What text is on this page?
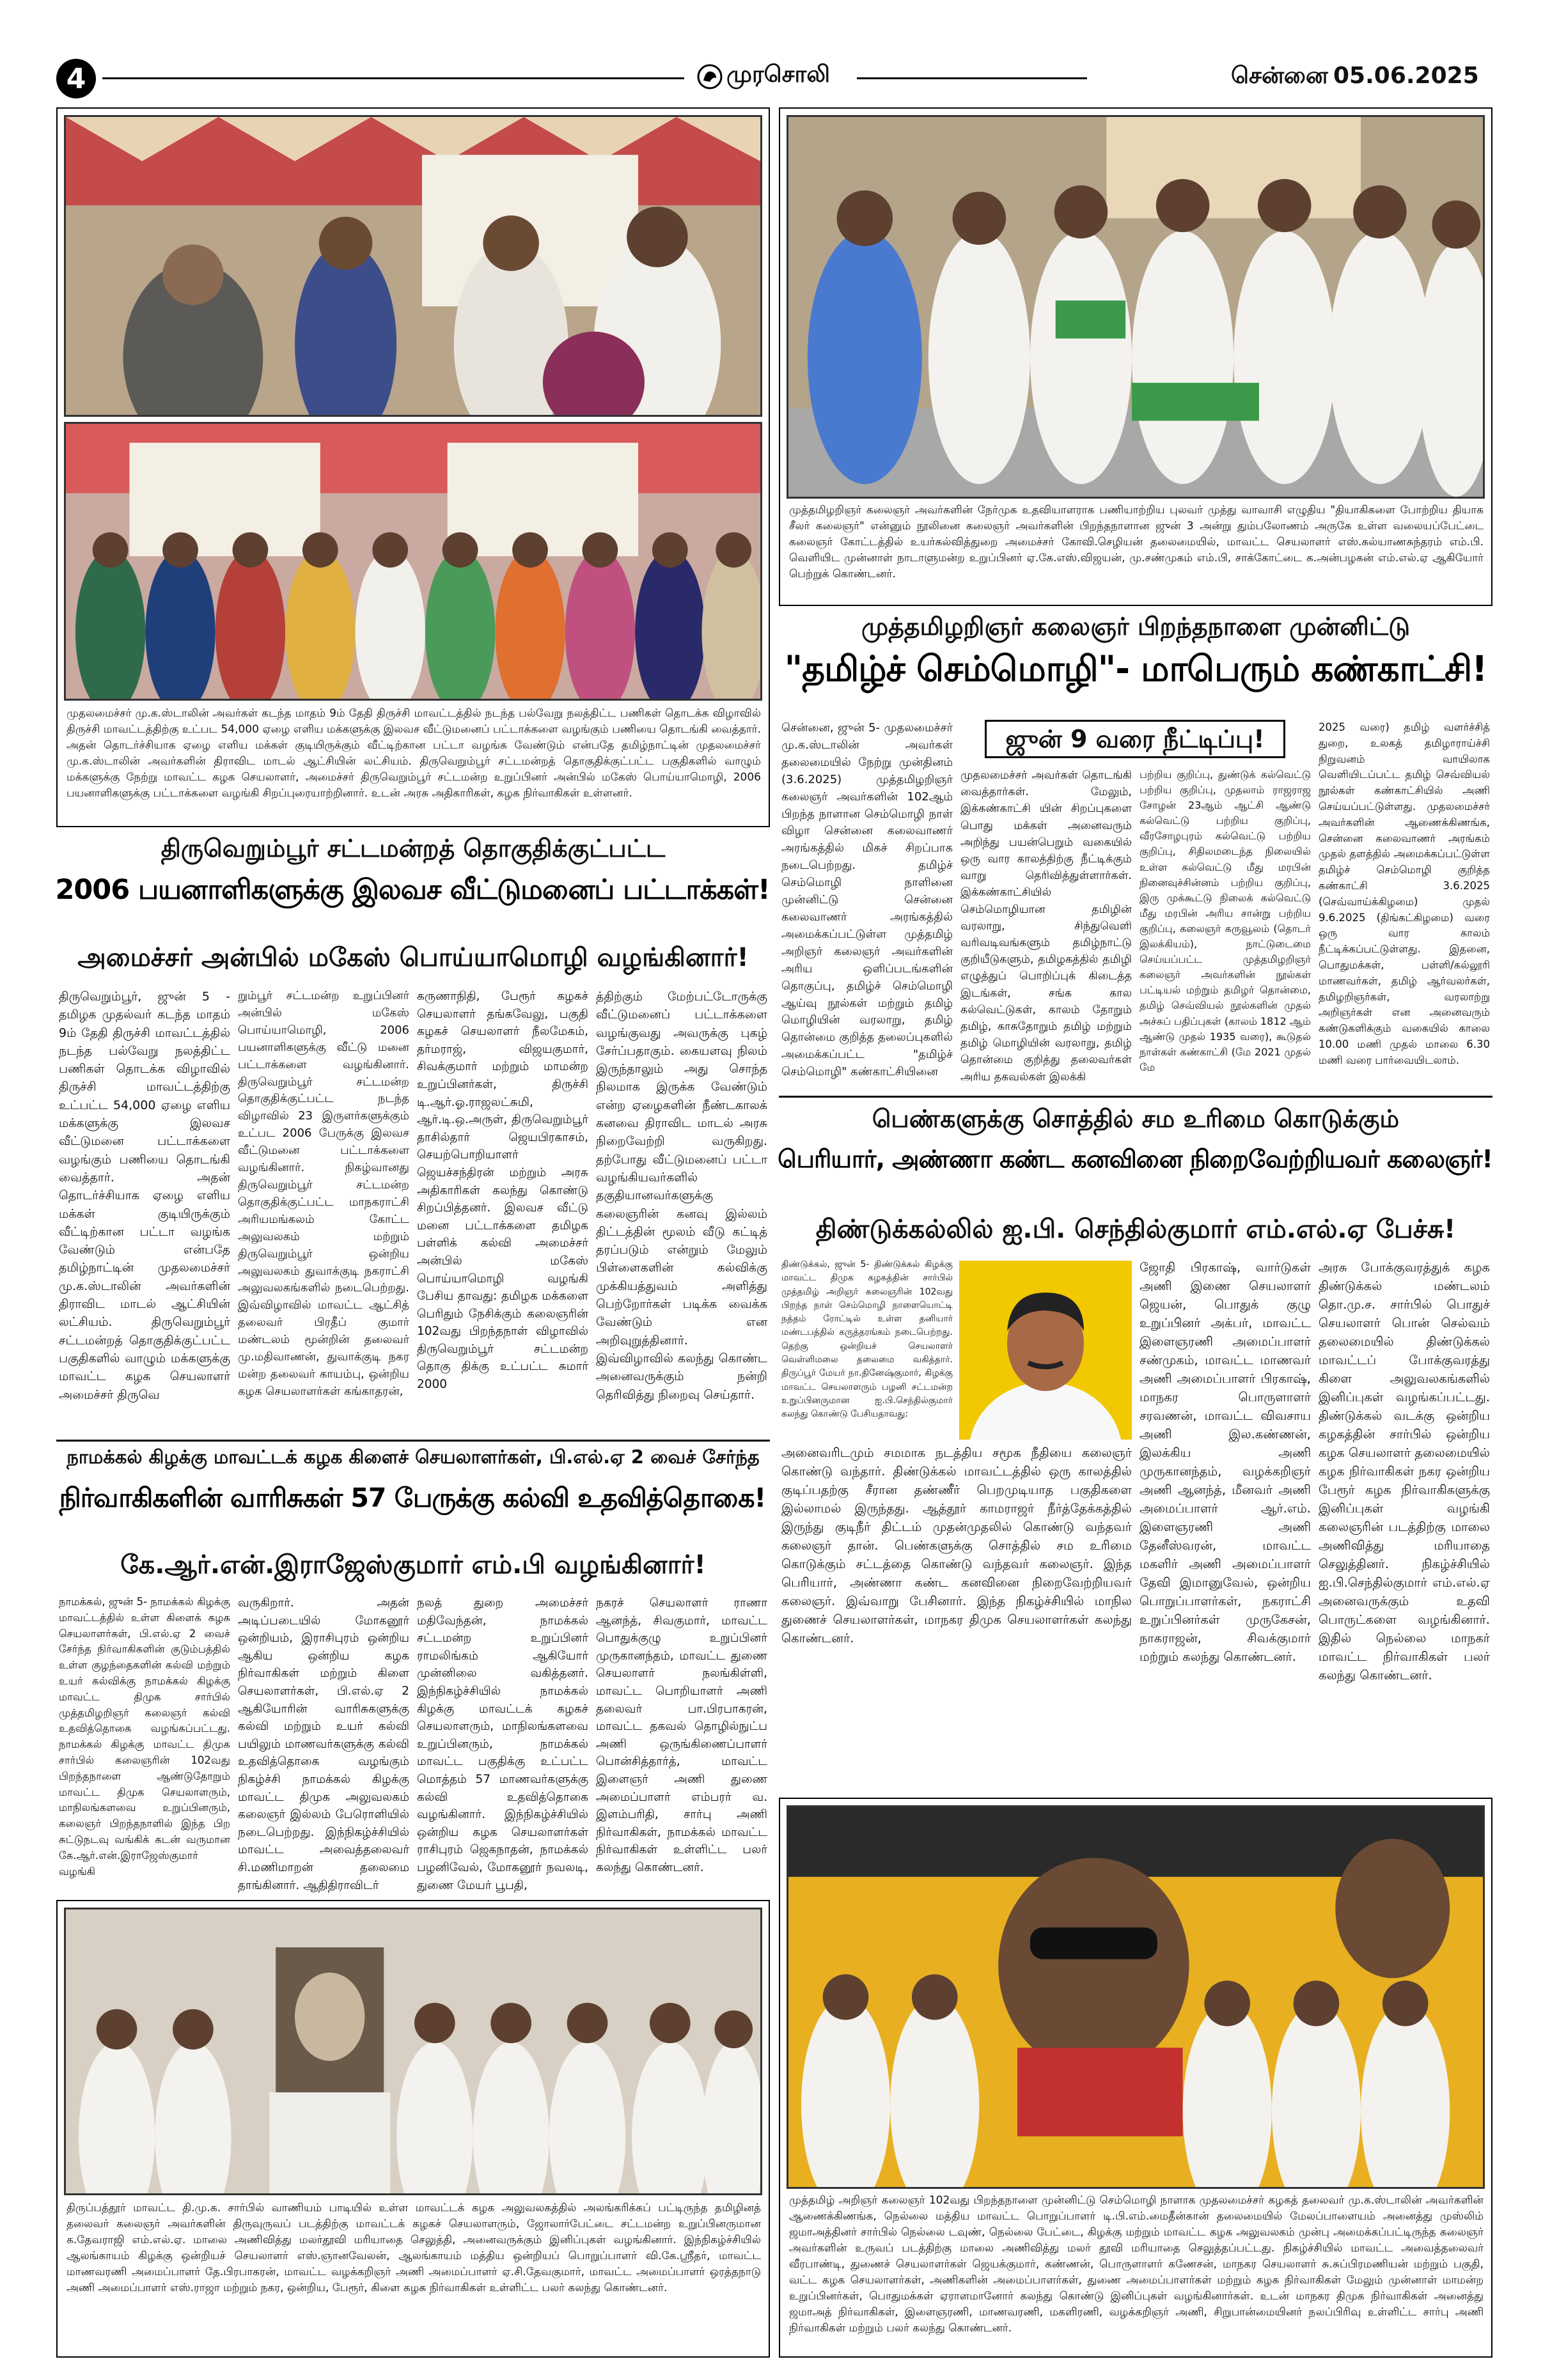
4	முரசொலி	சென்னை 05.06.2025
முதலமைச்சர் மு.க.ஸ்டாலின் அவர்கள் கடந்த மாதம் 9ம் தேதி திருச்சி மாவட்டத்தில் நடந்த பல்வேறு நலத்திட்ட பணிகள் தொடக்க விழாவில் திருச்சி மாவட்டத்திற்கு உட்பட 54,000 ஏழை எளிய மக்களுக்கு இலவச வீட்டுமனைப் பட்டாக்களை வழங்கும் பணியை தொடங்கி வைத்தார். அதன் தொடர்ச்சியாக ஏழை எளிய மக்கள் குடியிருக்கும் வீட்டிற்கான பட்டா வழங்க வேண்டும் என்பதே தமிழ்நாட்டின் முதலமைச்சர் மு.க.ஸ்டாலின் அவர்களின் திராவிட மாடல் ஆட்சியின் லட்சியம். திருவெறும்பூர் சட்டமன்றத் தொகுதிக்குட்பட்ட பகுதிகளில் வாழும் மக்களுக்கு நேற்று மாவட்ட கழக செயலாளர், அமைச்சர் திருவெறும்பூர் சட்டமன்ற உறுப்பினர் அன்பில் மகேஸ் பொய்யாமொழி, 2006 பயனாளிகளுக்கு பட்டாக்களை வழங்கி சிறப்புரையாற்றினார். உடன் அரசு அதிகாரிகள், கழக நிர்வாகிகள் உள்ளனர்.
திருவெறும்பூர் சட்டமன்றத் தொகுதிக்குட்பட்ட
2006 பயனாளிகளுக்கு இலவச வீட்டுமனைப் பட்டாக்கள்!
அமைச்சர் அன்பில் மகேஸ் பொய்யாமொழி வழங்கினார்!
திருவெறும்பூர், ஜுன் 5 - தமிழக முதல்வர் கடந்த மாதம் 9ம் தேதி திருச்சி மாவட்டத்தில் நடந்த பல்வேறு நலத்திட்ட பணிகள் தொடக்க விழாவில் திருச்சி மாவட்டத்திற்கு உட்பட்ட 54,000 ஏழை எளிய மக்களுக்கு இலவச வீட்டுமனை பட்டாக்களை வழங்கும் பணியை தொடங்கி வைத்தார். அதன் தொடர்ச்சியாக ஏழை எளிய மக்கள் குடியிருக்கும் வீட்டிற்கான பட்டா வழங்க வேண்டும் என்பதே தமிழ்நாட்டின் முதலமைச்சர் மு.க.ஸ்டாலின் அவர்களின் திராவிட மாடல் ஆட்சியின் லட்சியம். திருவெறும்பூர் சட்டமன்றத் தொகுதிக்குட்பட்ட பகுதிகளில் வாழும் மக்களுக்கு மாவட்ட கழக செயலாளர் அமைச்சர் திருவெ
றும்பூர் சட்டமன்ற உறுப்பினர் அன்பில் மகேஸ் பொய்யாமொழி, 2006 பயனாளிகளுக்கு வீட்டு மனை பட்டாக்களை வழங்கினார். திருவெறும்பூர் சட்டமன்ற தொகுதிக்குட்பட்ட நடந்த விழாவில் 23 இருளர்களுக்கும் உட்பட 2006 பேருக்கு இலவச வீட்டுமனை பட்டாக்களை வழங்கினார். நிகழ்வானது திருவெறும்பூர் சட்டமன்ற தொகுதிக்குட்பட்ட மாநகராட்சி அரியமங்கலம் கோட்ட அலுவலகம் மற்றும் திருவெறும்பூர் ஒன்றிய அலுவலகம் துவாக்குடி நகராட்சி அலுவலகங்களில் நடைபெற்றது. இவ்விழாவில் மாவட்ட ஆட்சித் தலைவர் பிரதீப் குமார் மண்டலம் மூன்றின் தலைவர் மு.மதிவாணன், துவாக்குடி நகர மன்ற தலைவர் காயம்பு, ஒன்றிய கழக செயலாளர்கள் கங்காதரன்,
கருணாநிதி, பேரூர் கழகச் செயலாளர் தங்கவேலு, பகுதி கழகச் செயலாளர் நீலமேகம், தர்மராஜ், விஜயகுமார், சிவக்குமார் மற்றும் மாமன்ற உறுப்பினர்கள், திருச்சி டி.ஆர்.ஓ.ராஜலட்சுமி, ஆர்.டி.ஒ.அருள், திருவெறும்பூர் தாசில்தார் ஜெயபிரகாசம், செயற்பொறியாளர் ஜெயச்சந்திரன் மற்றும் அரசு அதிகாரிகள் கலந்து கொண்டு சிறப்பித்தனர். இலவச வீட்டு மனை பட்டாக்களை தமிழக பள்ளிக் கல்வி அமைச்சர் அன்பில் மகேஸ் பொய்யாமொழி வழங்கி பேசிய தாவது: தமிழக மக்களை பெரிதும் நேசிக்கும் கலைஞரின் 102வது பிறந்தநாள் விழாவில் திருவெறும்பூர் சட்டமன்ற தொகு திக்கு உட்பட்ட சுமார் 2000
த்திற்கும் மேற்பட்டோருக்கு வீட்டுமனைப் பட்டாக்களை வழங்குவது அவருக்கு புகழ் சேர்ப்பதாகும். கையளவு நிலம் இருந்தாலும் அது சொந்த நிலமாக இருக்க வேண்டும் என்ற ஏழைகளின் நீண்டகாலக் கனவை திராவிட மாடல் அரசு நிறைவேற்றி வருகிறது. தற்போது வீட்டுமனைப் பட்டா வழங்கியவர்களில் தகுதியானவர்களுக்கு கலைஞரின் கனவு இல்லம் திட்டத்தின் மூலம் வீடு கட்டித் தரப்படும் என்றும் மேலும் பிள்ளைகளின் கல்விக்கு முக்கியத்துவம் அளித்து பெற்றோர்கள் படிக்க வைக்க வேண்டும் என அறிவுறுத்தினார். இவ்விழாவில் கலந்து கொண்ட அனைவருக்கும் நன்றி தெரிவித்து நிறைவு செய்தார்.
நாமக்கல் கிழக்கு மாவட்டக் கழக கிளைச் செயலாளர்கள், பி.எல்.ஏ 2 வைச் சேர்ந்த
நிர்வாகிகளின் வாரிசுகள் 57 பேருக்கு கல்வி உதவித்தொகை!
கே.ஆர்.என்.இராஜேஸ்குமார் எம்.பி வழங்கினார்!
நாமக்கல், ஜுன் 5- நாமக்கல் கிழக்கு மாவட்டத்தில் உள்ள கிளைக் கழக செயலாளர்கள், பி.எல்.ஏ 2 வைச் சேர்ந்த நிர்வாகிகளின் குடும்பத்தில் உள்ள குழந்தைகளின் கல்வி மற்றும் உயர் கல்விக்கு நாமக்கல் கிழக்கு மாவட்ட திமுக சார்பில் முத்தமிழறிஞர் கலைஞர் கல்வி உதவித்தொகை வழங்கப்பட்டது. நாமக்கல் கிழக்கு மாவட்ட திமுக சார்பில் கலைஞரின் 102வது பிறந்தநாளை ஆண்டுதோறும் மாவட்ட திமுக செயலாளரும், மாநிலங்களவை உறுப்பினரும், கலைஞர் பிறந்தநாளில் இந்த பிற சுட்டுநடவு வங்கிக் கடன் வருமான கே.ஆர்.என்.இராஜேஸ்குமார் வழங்கி
வருகிறார். அதன் அடிப்படையில் மோகனூர் ஒன்றியம், இராசிபுரம் ஒன்றிய ஆகிய ஒன்றிய கழக நிர்வாகிகள் மற்றும் கிளை செயலாளர்கள், பி.எல்.ஏ 2 ஆகியோரின் வாரிசுகளுக்கு கல்வி மற்றும் உயர் கல்வி பயிலும் மாணவர்களுக்கு கல்வி உதவித்தொகை வழங்கும் நிகழ்ச்சி நாமக்கல் கிழக்கு மாவட்ட திமுக அலுவலகம் கலைஞர் இல்லம் பேரொளியில் நடைபெற்றது. இந்நிகழ்ச்சியில் மாவட்ட அவைத்தலைவர் சி.மணிமாறன் தலைமை தாங்கினார். ஆதிதிராவிடர்
நலத் துறை அமைச்சர் மதிவேந்தன், நாமக்கல் சட்டமன்ற உறுப்பினர் ராமலிங்கம் ஆகியோர் முன்னிலை வகித்தனர். இந்நிகழ்ச்சியில் நாமக்கல் கிழக்கு மாவட்டக் கழகச் செயலாளரும், மாநிலங்களவை உறுப்பினரும், நாமக்கல் மாவட்ட பகுதிக்கு உட்பட்ட மொத்தம் 57 மாணவர்களுக்கு கல்வி உதவித்தொகை வழங்கினார். இந்நிகழ்ச்சியில் ஒன்றிய கழக செயலாளர்கள் ராசிபுரம் ஜெகநாதன், நாமக்கல் பழனிவேல், மோகனூர் நவலடி, துணை மேயர் பூபதி,
நகரச் செயலாளர் ராணா ஆனந்த், சிவகுமார், மாவட்ட பொதுக்குழு உறுப்பினர் முருகானந்தம், மாவட்ட துணை செயலாளர் நலங்கிள்ளி, மாவட்ட பொறியாளர் அணி தலைவர் பா.பிரபாகரன், மாவட்ட தகவல் தொழில்நுட்ப அணி ஒருங்கிணைப்பாளர் பொன்சித்தார்த், மாவட்ட இளைஞர் அணி துணை அமைப்பாளர் எம்பரர் வ. இளம்பரிதி, சார்பு அணி நிர்வாகிகள், நாமக்கல் மாவட்ட நிர்வாகிகள் உள்ளிட்ட பலர் கலந்து கொண்டனர்.
திருப்பத்தூர் மாவட்ட தி.மு.க. சார்பில் வாணியம் பாடியில் உள்ள மாவட்டக் கழக அலுவலகத்தில் அலங்கரிக்கப் பட்டிருந்த தமிழினத் தலைவர் கலைஞர் அவர்களின் திருவுருவப் படத்திற்கு மாவட்டக் கழகச் செயலாளரும், ஜோலார்பேட்டை சட்டமன்ற உறுப்பினருமான க.தேவராஜி எம்.எல்.ஏ. மாலை அணிவித்து மலர்தூவி மரியாதை செலுத்தி, அனைவருக்கும் இனிப்புகள் வழங்கினார். இந்நிகழ்ச்சியில் ஆலங்காயம் கிழக்கு ஒன்றியச் செயலாளர் எஸ்.ஞானவேலன், ஆலங்காயம் மத்திய ஒன்றியப் பொறுப்பாளர் வி.கே.ஸ்ரீதர், மாவட்ட மாணவரணி அமைப்பாளர் தே.பிரபாகரன், மாவட்ட வழக்கறிஞர் அணி அமைப்பாளர் ஏ.சி.தேவகுமார், மாவட்ட அமைப்பாளர் ஒரத்தநாடு அணி அமைப்பாளர் எஸ்.ராஜா மற்றும் நகர, ஒன்றிய, பேரூர், கிளை கழக நிர்வாகிகள் உள்ளிட்ட பலர் கலந்து கொண்டனர்.
முத்தமிழறிஞர் கலைஞர் அவர்களின் நேர்முக உதவியாளராக பணியாற்றிய புலவர் முத்து வாவாசி எழுதிய "தியாகிகளை போற்றிய தியாக சீலர் கலைஞர்" என்னும் நூலினை கலைஞர் அவர்களின் பிறந்தநாளான ஜுன் 3 அன்று தும்பலோணம் அருகே உள்ள வலையப்பேட்டை கலைஞர் கோட்டத்தில் உயர்கல்வித்துறை அமைச்சர் கோவி.செழியன் தலைமையில், மாவட்ட செயலாளர் எஸ்.கல்யாணசுந்தரம் எம்.பி. வெளியிட முன்னாள் நாடாளுமன்ற உறுப்பினர் ஏ.கே.எஸ்.விஜயன், மு.சண்முகம் எம்.பி, சாக்கோட்டை க.அன்பழகன் எம்.எல்.ஏ ஆகியோர் பெற்றுக் கொண்டனர்.
முத்தமிழறிஞர் கலைஞர் பிறந்தநாளை முன்னிட்டு
"தமிழ்ச் செம்மொழி"- மாபெரும் கண்காட்சி!
ஜுன் 9 வரை நீட்டிப்பு!
சென்னை, ஜுன் 5- முதலமைச்சர் மு.க.ஸ்டாலின் அவர்கள் தலைமையில் நேற்று முன்தினம் (3.6.2025) முத்தமிழறிஞர் கலைஞர் அவர்களின் 102ஆம் பிறந்த நாளான செம்மொழி நாள் விழா சென்னை கலைவாணர் அரங்கத்தில் மிகச் சிறப்பாக நடைபெற்றது. தமிழ்ச் செம்மொழி நாளினை முன்னிட்டு சென்னை கலைவாணர் அரங்கத்தில் அமைக்கப்பட்டுள்ள முத்தமிழ் அறிஞர் கலைஞர் அவர்களின் அரிய ஒளிப்படங்களின் தொகுப்பு, தமிழ்ச் செம்மொழி ஆய்வு நூல்கள் மற்றும் தமிழ் மொழியின் வரலாறு, தமிழ் தொன்மை குறித்த தலைப்புகளில் அமைக்கப்பட்ட "தமிழ்ச் செம்மொழி" கண்காட்சியினை
முதலமைச்சர் அவர்கள் தொடங்கி வைத்தார்கள். மேலும், இக்கண்காட்சி யின் சிறப்புகளை பொது மக்கள் அனைவரும் அறிந்து பயன்பெறும் வகையில் ஒரு வார காலத்திற்கு நீட்டிக்கும் வாறு தெரிவித்துள்ளார்கள். இக்கண்காட்சியில் செம்மொழியான தமிழின் வரலாறு, சிந்துவெளி வரிவடிவங்களும் தமிழ்நாட்டு குறியீடுகளும், தமிழகத்தில் தமிழி எழுத்துப் பொறிப்புக் கிடைத்த இடங்கள், சங்க கால கல்வெட்டுகள், காலம் தோறும் தமிழ், காசுதோறும் தமிழ் மற்றும் தமிழ் மொழியின் வரலாறு, தமிழ் தொன்மை குறித்து தலைவர்கள் அரிய தகவல்கள் இலக்கி
பற்றிய குறிப்பு, துண்டுக் கல்வெட்டு பற்றிய குறிப்பு, முதலாம் ராஜராஜ சோழன் 23ஆம் ஆட்சி ஆண்டு கல்வெட்டு பற்றிய குறிப்பு, வீரசோழபுரம் கல்வெட்டு பற்றிய குறிப்பு, சிதிலமடைந்த நிலையில் உள்ள கல்வெட்டு மீது மரபின் நினைவுச்சின்னம் பற்றிய குறிப்பு, இரு முக்கூட்டு நிலைக் கல்வெட்டு மீது மரபின் அரிய சான்று பற்றிய குறிப்பு, கலைஞர் கருவூலம் (தொடர் இலக்கியம்), நாட்டுடைமை செய்யப்பட்ட முத்தமிழறிஞர் கலைஞர் அவர்களின் நூல்கள் பட்டியல் மற்றும் தமிழர் தொன்மை, தமிழ் செவ்வியல் நூல்களின் முதல் அச்சுப் பதிப்புகள் (காலம் 1812 ஆம் ஆண்டு முதல் 1935 வரை), கூடுதல் நாள்கள் கண்காட்சி (மே 2021 முதல் மே
2025 வரை) தமிழ் வளர்ச்சித் துறை, உலகத் தமிழாராய்ச்சி நிறுவனம் வாயிலாக வெளியிடப்பட்ட தமிழ் செவ்வியல் நூல்கள் கண்காட்சியில் அணி செய்யப்பட்டுள்ளது. முதலமைச்சர் அவர்களின் ஆணைக்கிணங்க, சென்னை கலைவாணர் அரங்கம் முதல் தளத்தில் அமைக்கப்பட்டுள்ள தமிழ்ச் செம்மொழி குறித்த கண்காட்சி 3.6.2025 (செவ்வாய்க்கிழமை) முதல் 9.6.2025 (திங்கட்கிழமை) வரை ஒரு வார காலம் நீட்டிக்கப்பட்டுள்ளது. இதனை, பொதுமக்கள், பள்ளி/கல்லூரி மாணவர்கள், தமிழ் ஆர்வலர்கள், தமிழறிஞர்கள், வரலாற்று அறிஞர்கள் என அனைவரும் கண்டுகளிக்கும் வகையில் காலை 10.00 மணி முதல் மாலை 6.30 மணி வரை பார்வையிடலாம்.
பெண்களுக்கு சொத்தில் சம உரிமை கொடுக்கும்
பெரியார், அண்ணா கண்ட கனவினை நிறைவேற்றியவர் கலைஞர்!
திண்டுக்கல்லில் ஐ.பி. செந்தில்குமார் எம்.எல்.ஏ பேச்சு!
திண்டுக்கல், ஜுன் 5- திண்டுக்கல் கிழக்கு மாவட்ட திமுக கழகத்தின் சார்பில் முத்தமிழ் அறிஞர் கலைஞரின் 102வது பிறந்த நாள் செம்மொழி நாளையொட்டி நத்தம் ரோட்டில் உள்ள தனியார் மண்டபத்தில் கருத்தரங்கம் நடைபெற்றது. தெற்கு ஒன்றியச் செயலாளர் வெள்ளிமலை தலைமை வகித்தார். திருப்பூர் மேயர் நா.தினேஷ்குமார், கிழக்கு மாவட்ட செயலாளரும் பழனி சட்டமன்ற உறுப்பினருமான ஐ.பி.செந்தில்குமார் கலந்து கொண்டு பேசியதாவது:
அனைவரிடமும் சமமாக நடத்திய சமூக நீதியை கலைஞர் கொண்டு வந்தார். திண்டுக்கல் மாவட்டத்தில் ஒரு காலத்தில் குடிப்பதற்கு சீரான தண்ணீர் பெறமுடியாத பகுதிகளை இல்லாமல் இருந்தது. ஆத்தூர் காமராஜர் நீர்த்தேக்கத்தில் இருந்து குடிநீர் திட்டம் முதன்முதலில் கொண்டு வந்தவர் கலைஞர் தான். பெண்களுக்கு சொத்தில் சம உரிமை கொடுக்கும் சட்டத்தை கொண்டு வந்தவர் கலைஞர். இந்த பெரியார், அண்ணா கண்ட கனவினை நிறைவேற்றியவர் கலைஞர். இவ்வாறு பேசினார். இந்த நிகழ்ச்சியில் மாநில துணைச் செயலாளர்கள், மாநகர திமுக செயலாளர்கள் கலந்து கொண்டனர்.
ஜோதி பிரகாஷ், வார்டுகள் அணி இணை செயலாளர் ஜெயன், பொதுக் குழு உறுப்பினர் அக்பர், மாவட்ட இளைஞரணி அமைப்பாளர் சண்முகம், மாவட்ட மாணவர் அணி அமைப்பாளர் பிரகாஷ், மாநகர பொருளாளர் சரவணன், மாவட்ட விவசாய அணி இல.கண்ணன், இலக்கிய அணி முருகானந்தம், வழக்கறிஞர் அணி ஆனந்த், மீனவர் அணி அமைப்பாளர் ஆர்.எம். இளைஞரணி அணி தேனீஸ்வரன், மாவட்ட மகளிர் அணி அமைப்பாளர் தேவி இமானுவேல், ஒன்றிய பொறுப்பாளர்கள், நகராட்சி உறுப்பினர்கள் முருகேசன், நாகராஜன், சிவக்குமார் மற்றும் கலந்து கொண்டனர்.
அரசு போக்குவரத்துக் கழக திண்டுக்கல் மண்டலம் தொ.மு.ச. சார்பில் பொதுச் செயலாளர் பொன் செல்வம் தலைமையில் திண்டுக்கல் மாவட்டப் போக்குவரத்து கிளை அலுவலகங்களில் இனிப்புகள் வழங்கப்பட்டது. திண்டுக்கல் வடக்கு ஒன்றிய கழகத்தின் சார்பில் ஒன்றிய கழக செயலாளர் தலைமையில் கழக நிர்வாகிகள் நகர ஒன்றிய பேரூர் கழக நிர்வாகிகளுக்கு இனிப்புகள் வழங்கி கலைஞரின் படத்திற்கு மாலை அணிவித்து மரியாதை செலுத்தினர். நிகழ்ச்சியில் ஐ.பி.செந்தில்குமார் எம்.எல்.ஏ அனைவருக்கும் உதவி பொருட்களை வழங்கினார். இதில் நெல்லை மாநகர் மாவட்ட நிர்வாகிகள் பலர் கலந்து கொண்டனர்.
முத்தமிழ் அறிஞர் கலைஞர் 102வது பிறந்தநாளை முன்னிட்டு செம்மொழி நாளாக முதலமைச்சர் கழகத் தலைவர் மு.க.ஸ்டாலின் அவர்களின் ஆணைக்கிணங்க, நெல்லை மத்திய மாவட்ட பொறுப்பாளர் டி.பி.எம்.மைதீன்கான் தலைமையில் மேலப்பாளையம் அனைத்து முஸ்லிம் ஜமாஅத்தினர் சார்பில் நெல்லை டவுண், நெல்லை பேட்டை, கிழக்கு மற்றும் மாவட்ட கழக அலுவலகம் முன்பு அமைக்கப்பட்டிருந்த கலைஞர் அவர்களின் உருவப் படத்திற்கு மாலை அணிவித்து மலர் தூவி மரியாதை செலுத்தப்பட்டது. நிகழ்ச்சியில் மாவட்ட அவைத்தலைவர் வீரபாண்டி, துணைச் செயலாளர்கள் ஜெயக்குமார், கண்ணன், பொருளாளர் கணேசன், மாநகர செயலாளர் சு.சுப்பிரமணியன் மற்றும் பகுதி, வட்ட கழக செயலாளர்கள், அணிகளின் அமைப்பாளர்கள், துணை அமைப்பாளர்கள் மற்றும் கழக நிர்வாகிகள் மேலும் முன்னாள் மாமன்ற உறுப்பினர்கள், பொதுமக்கள் ஏராளமானோர் கலந்து கொண்டு இனிப்புகள் வழங்கினார்கள். உடன் மாநகர திமுக நிர்வாகிகள் அனைத்து ஜமாஅத் நிர்வாகிகள், இளைஞரணி, மாணவரணி, மகளிரணி, வழக்கறிஞர் அணி, சிறுபான்மையினர் நலப்பிரிவு உள்ளிட்ட சார்பு அணி நிர்வாகிகள் மற்றும் பலர் கலந்து கொண்டனர்.
